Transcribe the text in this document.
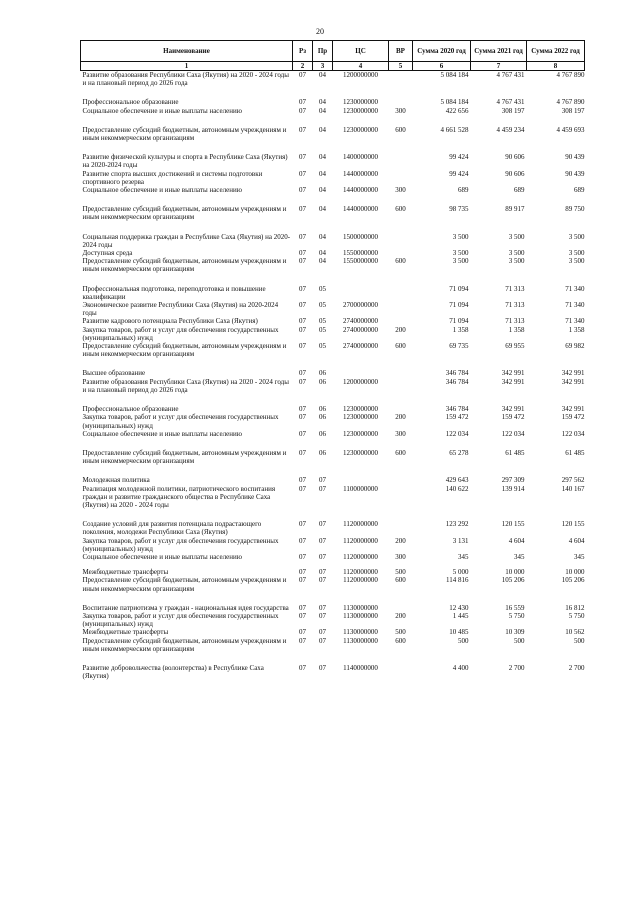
20
Наименование	Рз	Пр	ЦС	ВР	Сумма 2020 год	Сумма 2021 год	Сумма 2022 год
1	2	3	4	5	6	7	8
Развитие образования Республики Саха (Якутия) на 2020 - 2024 годы и на плановый период до 2026 года	07	04	1200000000		5 084 184	4 767 431	4 767 890

Профессиональное образование	07	04	1230000000		5 084 184	4 767 431	4 767 890
Социальное обеспечение и иные выплаты населению	07	04	1230000000	300	422 656	308 197	308 197

Предоставление субсидий бюджетным, автономным учреждениям и иным некоммерческим организациям	07	04	1230000000	600	4 661 528	4 459 234	4 459 693

Развитие физической культуры и спорта в Республике Саха (Якутия) на 2020-2024 годы	07	04	1400000000		99 424	90 606	90 439
Развитие спорта высших достижений и системы подготовки спортивного резерва	07	04	1440000000		99 424	90 606	90 439
Социальное обеспечение и иные выплаты населению	07	04	1440000000	300	689	689	689

Предоставление субсидий бюджетным, автономным учреждениям и иным некоммерческим организациям	07	04	1440000000	600	98 735	89 917	89 750

Социальная поддержка граждан в Республике Саха (Якутия) на 2020-2024 годы	07	04	1500000000		3 500	3 500	3 500
Доступная среда	07	04	1550000000		3 500	3 500	3 500
Предоставление субсидий бюджетным, автономным учреждениям и иным некоммерческим организациям	07	04	1550000000	600	3 500	3 500	3 500

Профессиональная подготовка, переподготовка и повышение квалификации	07	05			71 094	71 313	71 340
Экономическое развитие Республики Саха (Якутия) на 2020-2024 годы	07	05	2700000000		71 094	71 313	71 340
Развитие кадрового потенциала Республики Саха (Якутия)	07	05	2740000000		71 094	71 313	71 340
Закупка товаров, работ и услуг для обеспечения государственных (муниципальных) нужд	07	05	2740000000	200	1 358	1 358	1 358
Предоставление субсидий бюджетным, автономным учреждениям и иным некоммерческим организациям	07	05	2740000000	600	69 735	69 955	69 982

Высшее образование	07	06			346 784	342 991	342 991
Развитие образования Республики Саха (Якутия) на 2020 - 2024 годы и на плановый период до 2026 года	07	06	1200000000		346 784	342 991	342 991

Профессиональное образование	07	06	1230000000		346 784	342 991	342 991
Закупка товаров, работ и услуг для обеспечения государственных (муниципальных) нужд	07	06	1230000000	200	159 472	159 472	159 472
Социальное обеспечение и иные выплаты населению	07	06	1230000000	300	122 034	122 034	122 034

Предоставление субсидий бюджетным, автономным учреждениям и иным некоммерческим организациям	07	06	1230000000	600	65 278	61 485	61 485

Молодежная политика	07	07			429 643	297 309	297 562
Реализация молодежной политики, патриотического воспитания граждан и развитие гражданского общества в Республике Саха (Якутия) на 2020 - 2024 годы	07	07	1100000000		140 622	139 914	140 167

Создание условий для развития потенциала подрастающего поколения, молодежи Республики Саха (Якутия)	07	07	1120000000		123 292	120 155	120 155
Закупка товаров, работ и услуг для обеспечения государственных (муниципальных) нужд	07	07	1120000000	200	3 131	4 604	4 604
Социальное обеспечение и иные выплаты населению	07	07	1120000000	300	345	345	345

Межбюджетные трансферты	07	07	1120000000	500	5 000	10 000	10 000
Предоставление субсидий бюджетным, автономным учреждениям и иным некоммерческим организациям	07	07	1120000000	600	114 816	105 206	105 206

Воспитание патриотизма у граждан - национальная идея государства	07	07	1130000000		12 430	16 559	16 812
Закупка товаров, работ и услуг для обеспечения государственных (муниципальных) нужд	07	07	1130000000	200	1 445	5 750	5 750
Межбюджетные трансферты	07	07	1130000000	500	10 485	10 309	10 562
Предоставление субсидий бюджетным, автономным учреждениям и иным некоммерческим организациям	07	07	1130000000	600	500	500	500

Развитие добровольчества (волонтерства) в Республике Саха (Якутия)	07	07	1140000000		4 400	2 700	2 700
